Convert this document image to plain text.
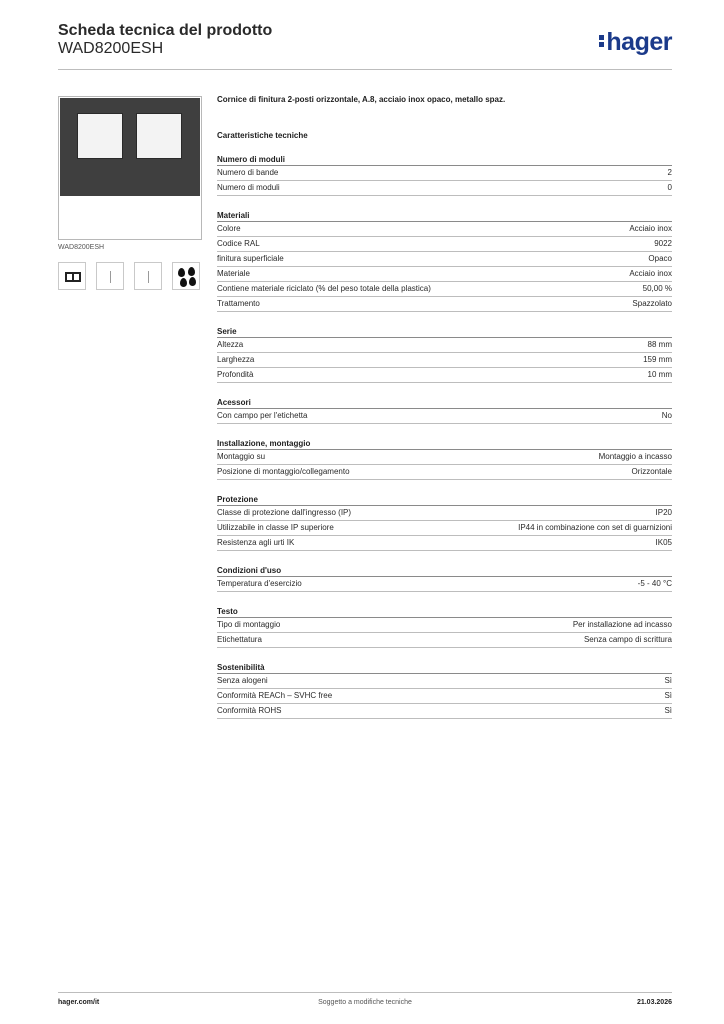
Scheda tecnica del prodotto
WAD8200ESH	hager
WAD8200ESH
Cornice di finitura 2-posti orizzontale, A.8, acciaio inox opaco, metallo spaz.
Caratteristiche tecniche
Numero di moduli
Numero di bande	2
Numero di moduli	0
Materiali
Colore	Acciaio inox
Codice RAL	9022
finitura superficiale	Opaco
Materiale	Acciaio inox
Contiene materiale riciclato (% del peso totale della plastica)	50,00 %
Trattamento	Spazzolato
Serie
Altezza	88 mm
Larghezza	159 mm
Profondità	10 mm
Acessori
Con campo per l'etichetta	No
Installazione, montaggio
Montaggio su	Montaggio a incasso
Posizione di montaggio/collegamento	Orizzontale
Protezione
Classe di protezione dall'ingresso (IP)	IP20
Utilizzabile in classe IP superiore	IP44 in combinazione con set di guarnizioni
Resistenza agli urti IK	IK05
Condizioni d'uso
Temperatura d'esercizio	-5 - 40 °C
Testo
Tipo di montaggio	Per installazione ad incasso
Etichettatura	Senza campo di scrittura
Sostenibilità
Senza alogeni	Sì
Conformità REACh – SVHC free	Sì
Conformità ROHS	Sì
hager.com/it	Soggetto a modifiche tecniche	21.03.2026
